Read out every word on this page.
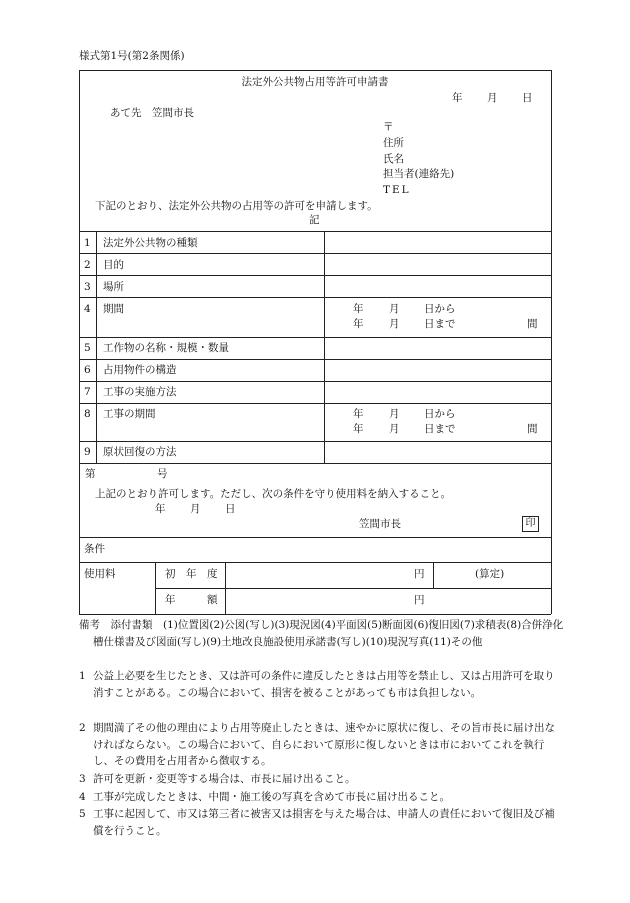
様式第1号(第2条関係)
法定外公共物占用等許可申請書
年 月 日
あて先　笠間市長
〒
住所
氏名
担当者(連絡先)
TEL
下記のとおり、法定外公共物の占用等の許可を申請します。
記
1 法定外公共物の種類
2 目的
3 場所
4 期間	年 月 日から
年 月 日まで	間
5 工作物の名称・規模・数量
6 占用物件の構造
7 工事の実施方法
8 工事の期間	年 月 日から
年 月 日まで	間
9 原状回復の方法
第	号
上記のとおり許可します。ただし、次の条件を守り使用料を納入すること。
年 月 日
笠間市長	印
条件
使用料	初　年　度	円	(算定)
年　　　額	円
備考　添付書類　(1)位置図(2)公図(写し)(3)現況図(4)平面図(5)断面図(6)復旧図(7)求積表(8)合併浄化槽仕様書及び図面(写し)(9)土地改良施設使用承諾書(写し)(10)現況写真(11)その他
1 公益上必要を生じたとき、又は許可の条件に違反したときは占用等を禁止し、又は占用許可を取り消すことがある。この場合において、損害を被ることがあっても市は負担しない。
2 期間満了その他の理由により占用等廃止したときは、速やかに原状に復し、その旨市長に届け出なければならない。この場合において、自らにおいて原形に復しないときは市においてこれを執行し、その費用を占用者から徴収する。
3 許可を更新・変更等する場合は、市長に届け出ること。
4 工事が完成したときは、中間・施工後の写真を含めて市長に届け出ること。
5 工事に起因して、市又は第三者に被害又は損害を与えた場合は、申請人の責任において復旧及び補償を行うこと。
